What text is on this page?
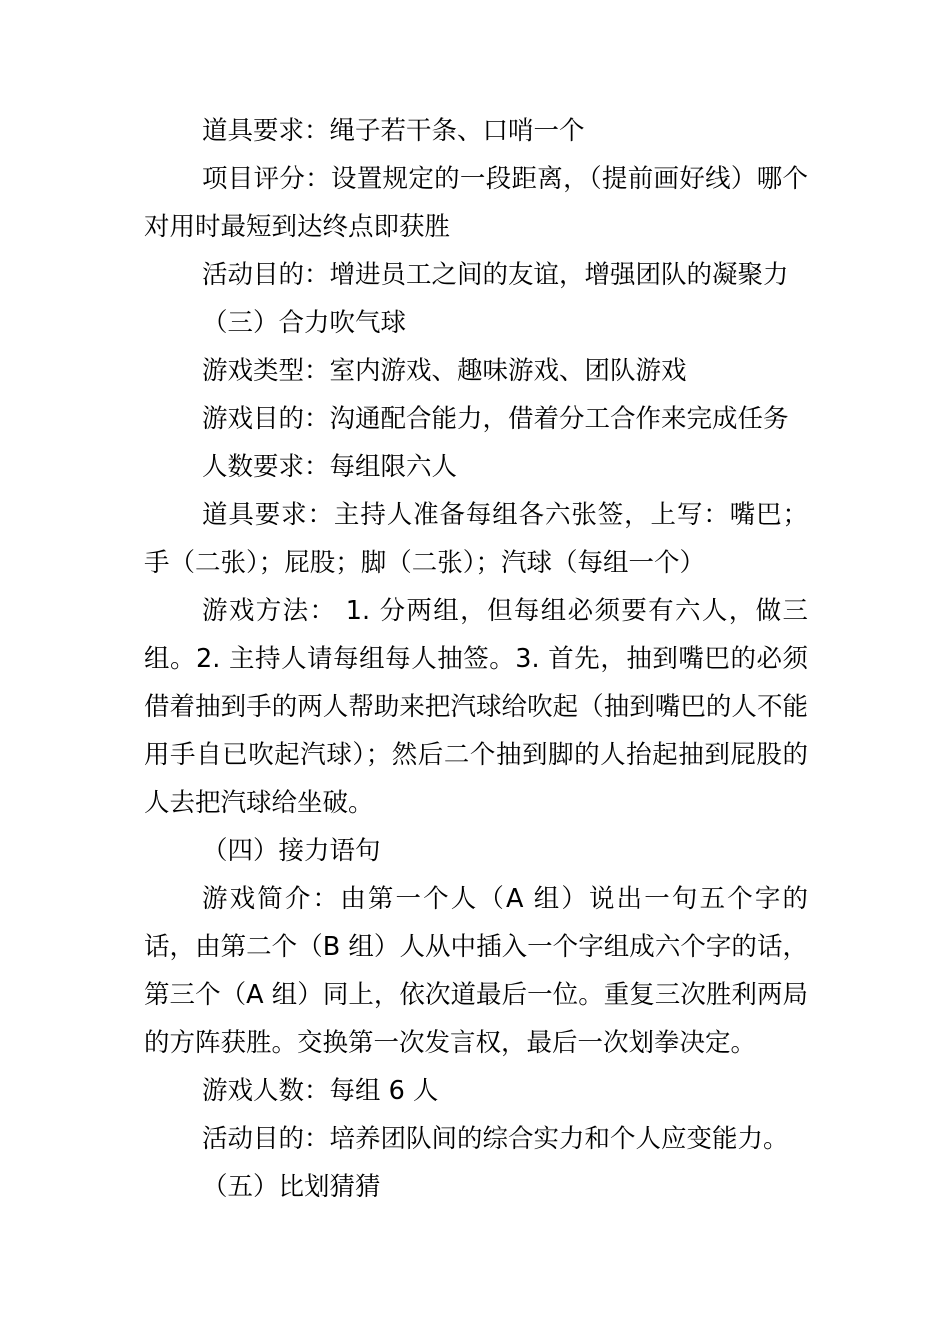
道具要求：绳子若干条、口哨一个

项目评分：设置规定的一段距离，（提前画好线）哪个对用时最短到达终点即获胜

活动目的：增进员工之间的友谊，增强团队的凝聚力

（三）合力吹气球

游戏类型：室内游戏、趣味游戏、团队游戏

游戏目的：沟通配合能力，借着分工合作来完成任务

人数要求：每组限六人

道具要求：主持人准备每组各六张签，上写：嘴巴；手（二张）；屁股；脚（二张）；汽球（每组一个）

游戏方法： 1. 分两组，但每组必须要有六人，做三组。2. 主持人请每组每人抽签。3. 首先，抽到嘴巴的必须借着抽到手的两人帮助来把汽球给吹起（抽到嘴巴的人不能用手自已吹起汽球）；然后二个抽到脚的人抬起抽到屁股的人去把汽球给坐破。

（四）接力语句

游戏简介：由第一个人（A 组）说出一句五个字的话，由第二个（B 组）人从中插入一个字组成六个字的话，第三个（A 组）同上，依次道最后一位。重复三次胜利两局的方阵获胜。交换第一次发言权，最后一次划拳决定。

游戏人数：每组 6 人

活动目的：培养团队间的综合实力和个人应变能力。

（五）比划猜猜
